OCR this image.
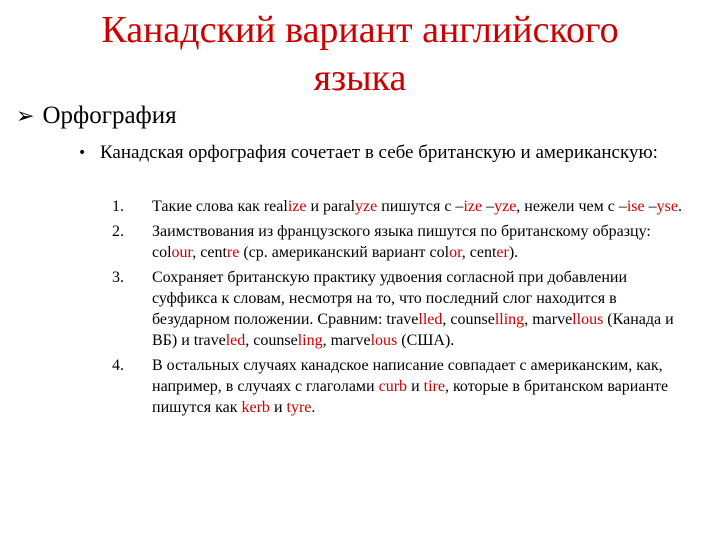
Канадский вариант английского
языка
➢ Орфография
• Канадская орфография сочетает в себе британскую и американскую:
1. Такие слова как realize и paralyze пишутся с –ize –yze, нежели чем с –ise –yse.
2. Заимствования из французского языка пишутся по британскому образцу: colour, centre (ср. американский вариант color, center).
3. Сохраняет британскую практику удвоения согласной при добавлении суффикса к словам, несмотря на то, что последний слог находится в безударном положении. Сравним: travelled, counselling, marvellous (Канада и ВБ) и traveled, counseling, marvelous (США).
4. В остальных случаях канадское написание совпадает с американским, как, например, в случаях с глаголами curb и tire, которые в британском варианте пишутся как kerb и tyre.
